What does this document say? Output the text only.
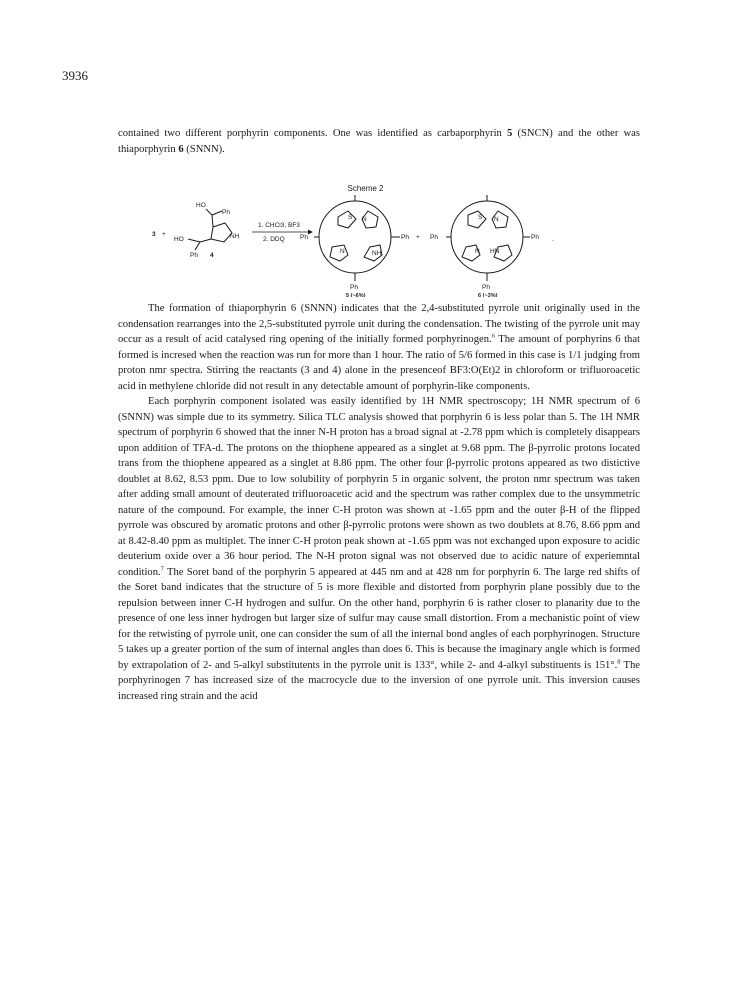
3936

contained two different porphyrin components. One was identified as carbaporphyrin 5 (SNCN) and the other was thiaporphyrin 6 (SNNN).

Scheme 2
3 +
HO
Ph
NH
HO
Ph 4
1. CHCl3, BF3
2. DDQ
S N
N	NH
Ph	Ph
Ph
5 (~6%)
+
S N
N HN
Ph	Ph
Ph
6 (~3%)
.

The formation of thiaporphyrin 6 (SNNN) indicates that the 2,4-substituted pyrrole unit originally used in the condensation rearranges into the 2,5-substituted pyrrole unit during the condensation. The twisting of the pyrrole unit may occur as a result of acid catalysed ring opening of the initially formed porphyrinogen.$^6$ The amount of porphyrins 6 that formed is incresed when the reaction was run for more than 1 hour. The ratio of 5/6 formed in this case is 1/1 judging from proton nmr spectra. Stirring the reactants (3 and 4) alone in the presenceof BF3:O(Et)2 in chloroform or trifluoroacetic acid in methylene chloride did not result in any detectable amount of porphyrin-like components.

Each porphyrin component isolated was easily identified by 1H NMR spectroscopy; 1H NMR spectrum of 6 (SNNN) was simple due to its symmetry. Silica TLC analysis showed that porphyrin 6 is less polar than 5. The 1H NMR spectrum of porphyrin 6 showed that the inner N-H proton has a broad signal at -2.78 ppm which is completely disappears upon addition of TFA-d. The protons on the thiophene appeared as a singlet at 9.68 ppm. The β-pyrrolic protons located trans from the thiophene appeared as a singlet at 8.86 ppm. The other four β-pyrrolic protons appeared as two distictive doublet at 8.62, 8.53 ppm. Due to low solubility of porphyrin 5 in organic solvent, the proton nmr spectrum was taken after adding small amount of deuterated trifluoroacetic acid and the spectrum was rather complex due to the unsymmetric nature of the compound. For example, the inner C-H proton was shown at -1.65 ppm and the outer β-H of the flipped pyrrole was obscured by aromatic protons and other β-pyrrolic protons were shown as two doublets at 8.76, 8.66 ppm and at 8.42-8.40 ppm as multiplet. The inner C-H proton peak shown at -1.65 ppm was not exchanged upon exposure to acidic deuterium oxide over a 36 hour period. The N-H proton signal was not observed due to acidic nature of experiemntal condition.$^7$ The Soret band of the porphyrin 5 appeared at 445 nm and at 428 nm for porphyrin 6. The large red shifts of the Soret band indicates that the structure of 5 is more flexible and distorted from porphyrin plane possibly due to the repulsion between inner C-H hydrogen and sulfur. On the other hand, porphyrin 6 is rather closer to planarity due to the presence of one less inner hydrogen but larger size of sulfur may cause small distortion. From a mechanistic point of view for the retwisting of pyrrole unit, one can consider the sum of all the internal bond angles of each porphyrinogen. Structure 5 takes up a greater portion of the sum of internal angles than does 6. This is because the imaginary angle which is formed by extrapolation of 2- and 5-alkyl substitutents in the pyrrole unit is 133°, while 2- and 4-alkyl substituents is 151°.$^8$ The porphyrinogen 7 has increased size of the macrocycle due to the inversion of one pyrrole unit. This inversion causes increased ring strain and the acid
